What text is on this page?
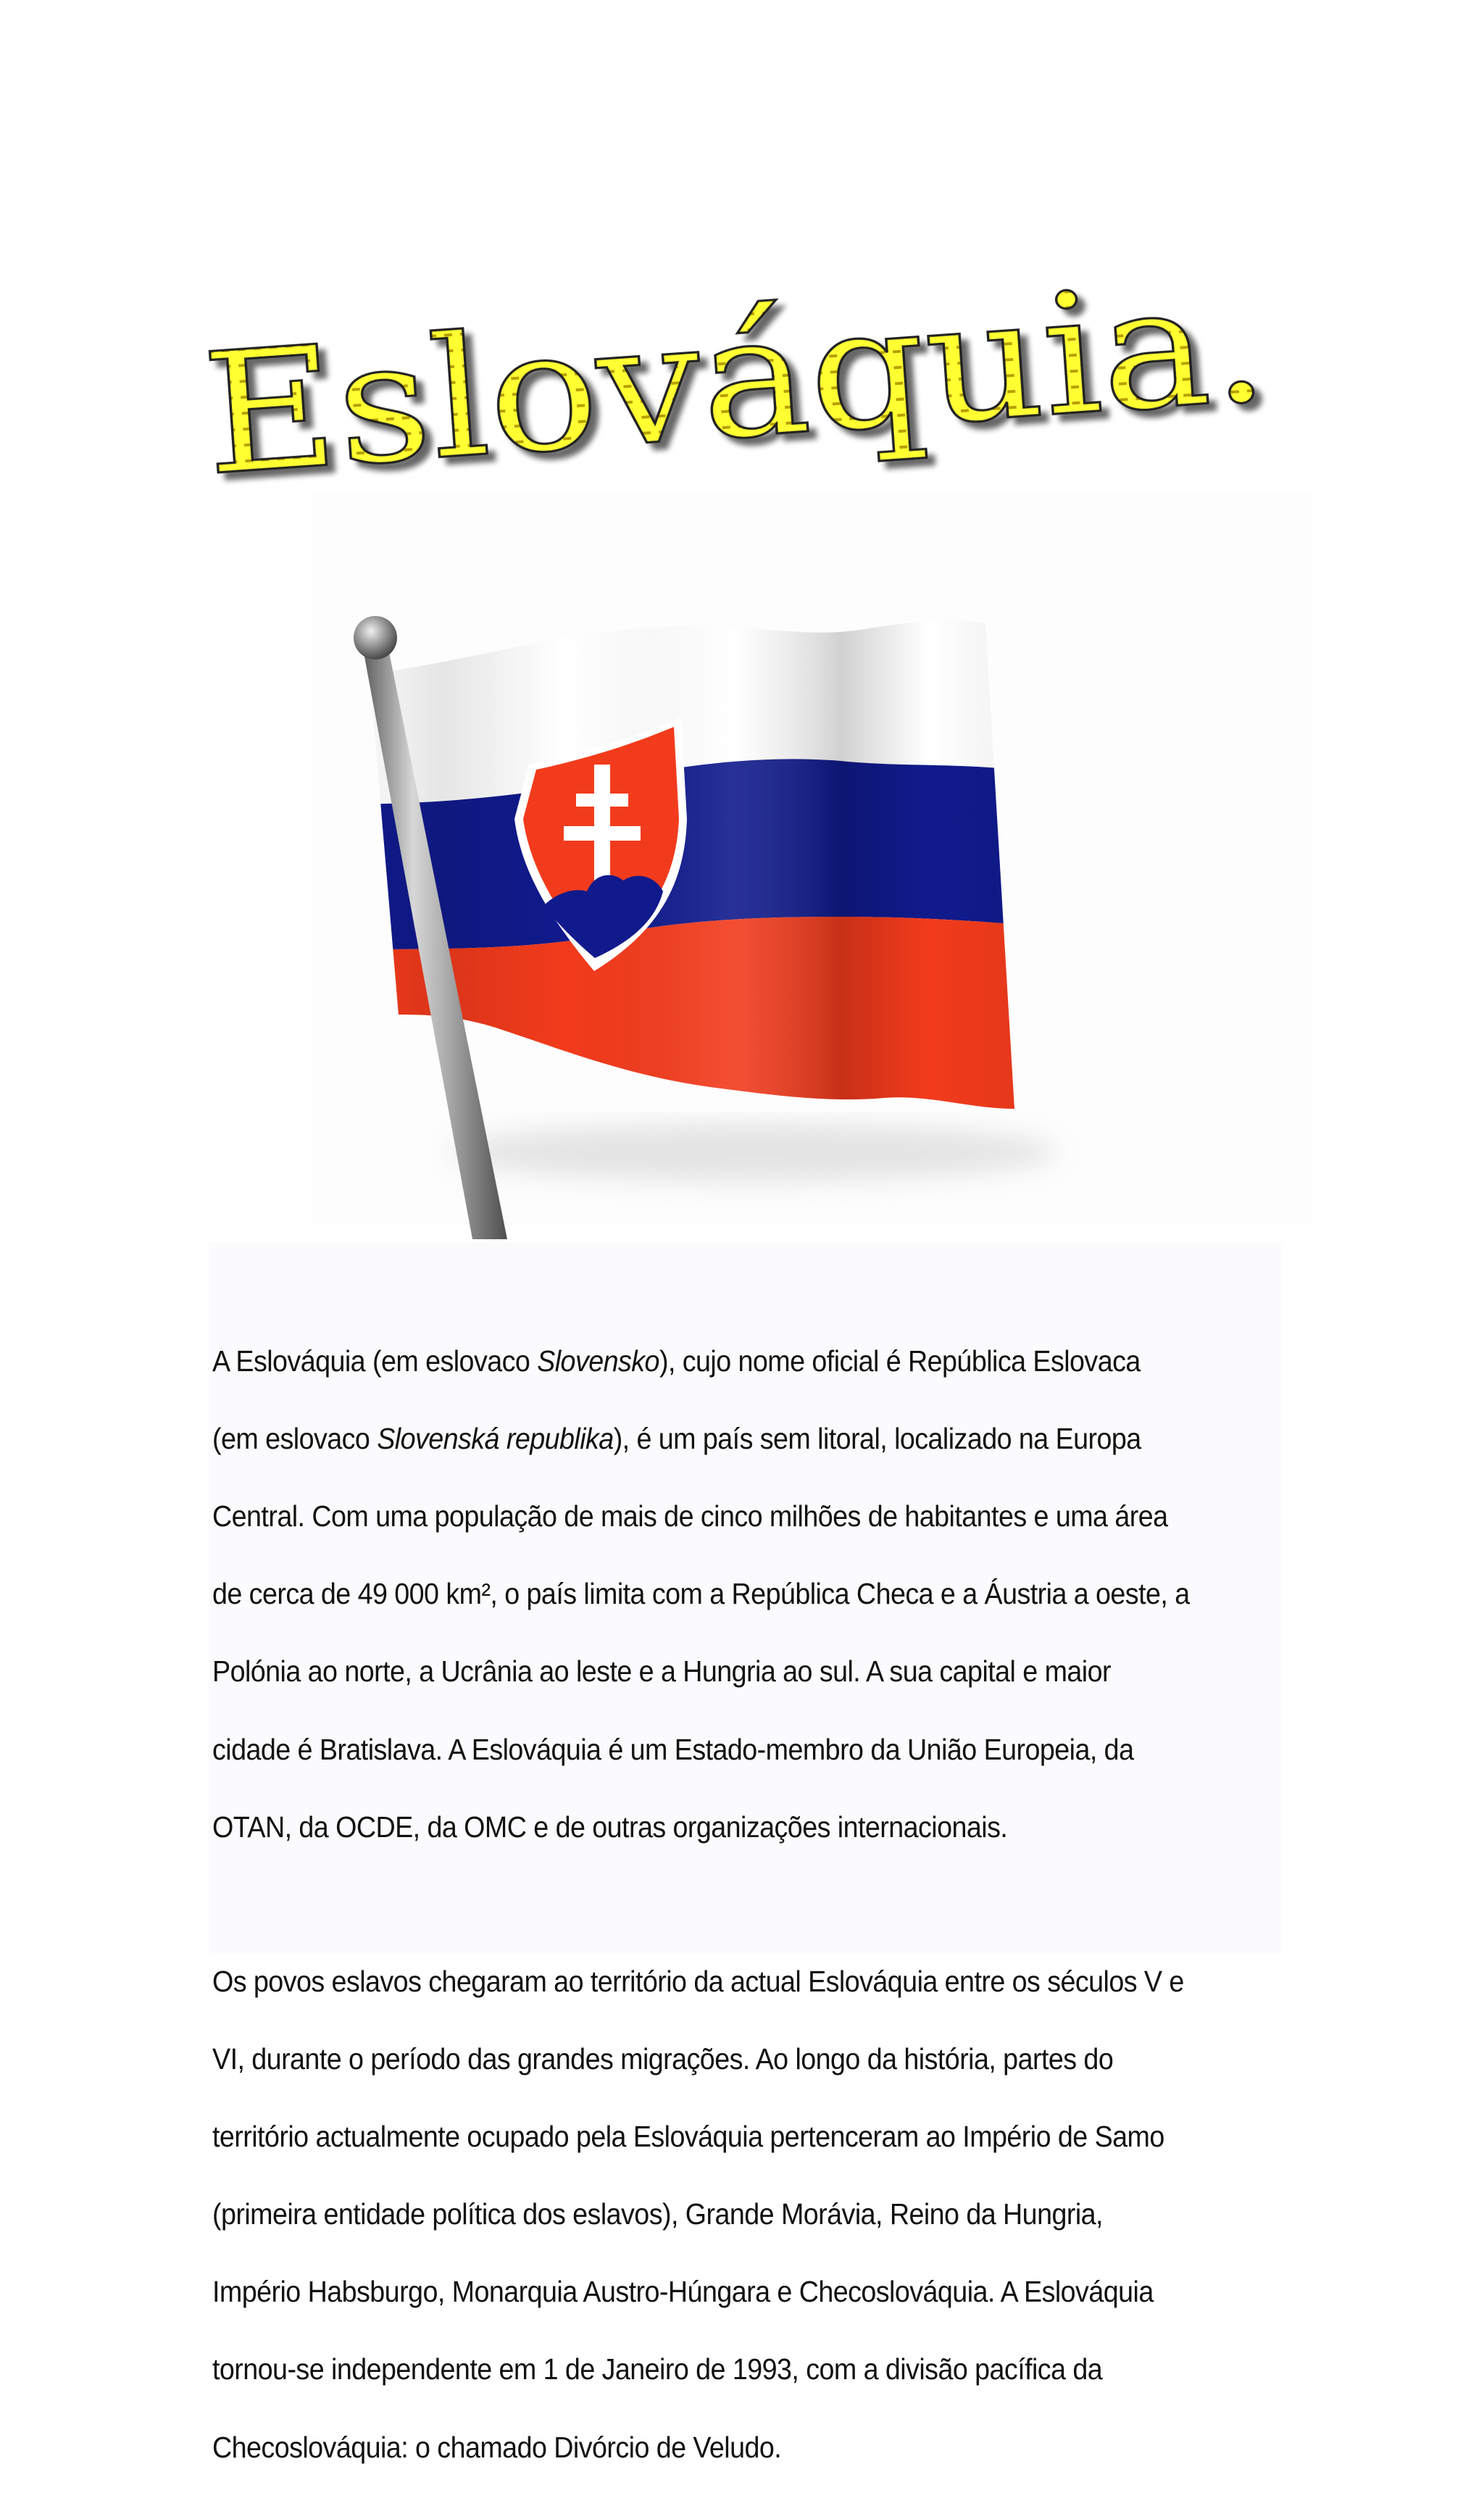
Eslováquia.

A Eslováquia (em eslovaco Slovensko), cujo nome oficial é República Eslovaca

(em eslovaco Slovenská republika), é um país sem litoral, localizado na Europa

Central. Com uma população de mais de cinco milhões de habitantes e uma área

de cerca de 49 000 km², o país limita com a República Checa e a Áustria a oeste, a

Polónia ao norte, a Ucrânia ao leste e a Hungria ao sul. A sua capital e maior

cidade é Bratislava. A Eslováquia é um Estado-membro da União Europeia, da

OTAN, da OCDE, da OMC e de outras organizações internacionais.

Os povos eslavos chegaram ao território da actual Eslováquia entre os séculos V e

VI, durante o período das grandes migrações. Ao longo da história, partes do

território actualmente ocupado pela Eslováquia pertenceram ao Império de Samo

(primeira entidade política dos eslavos), Grande Morávia, Reino da Hungria,

Império Habsburgo, Monarquia Austro-Húngara e Checoslováquia. A Eslováquia

tornou-se independente em 1 de Janeiro de 1993, com a divisão pacífica da

Checoslováquia: o chamado Divórcio de Veludo.
